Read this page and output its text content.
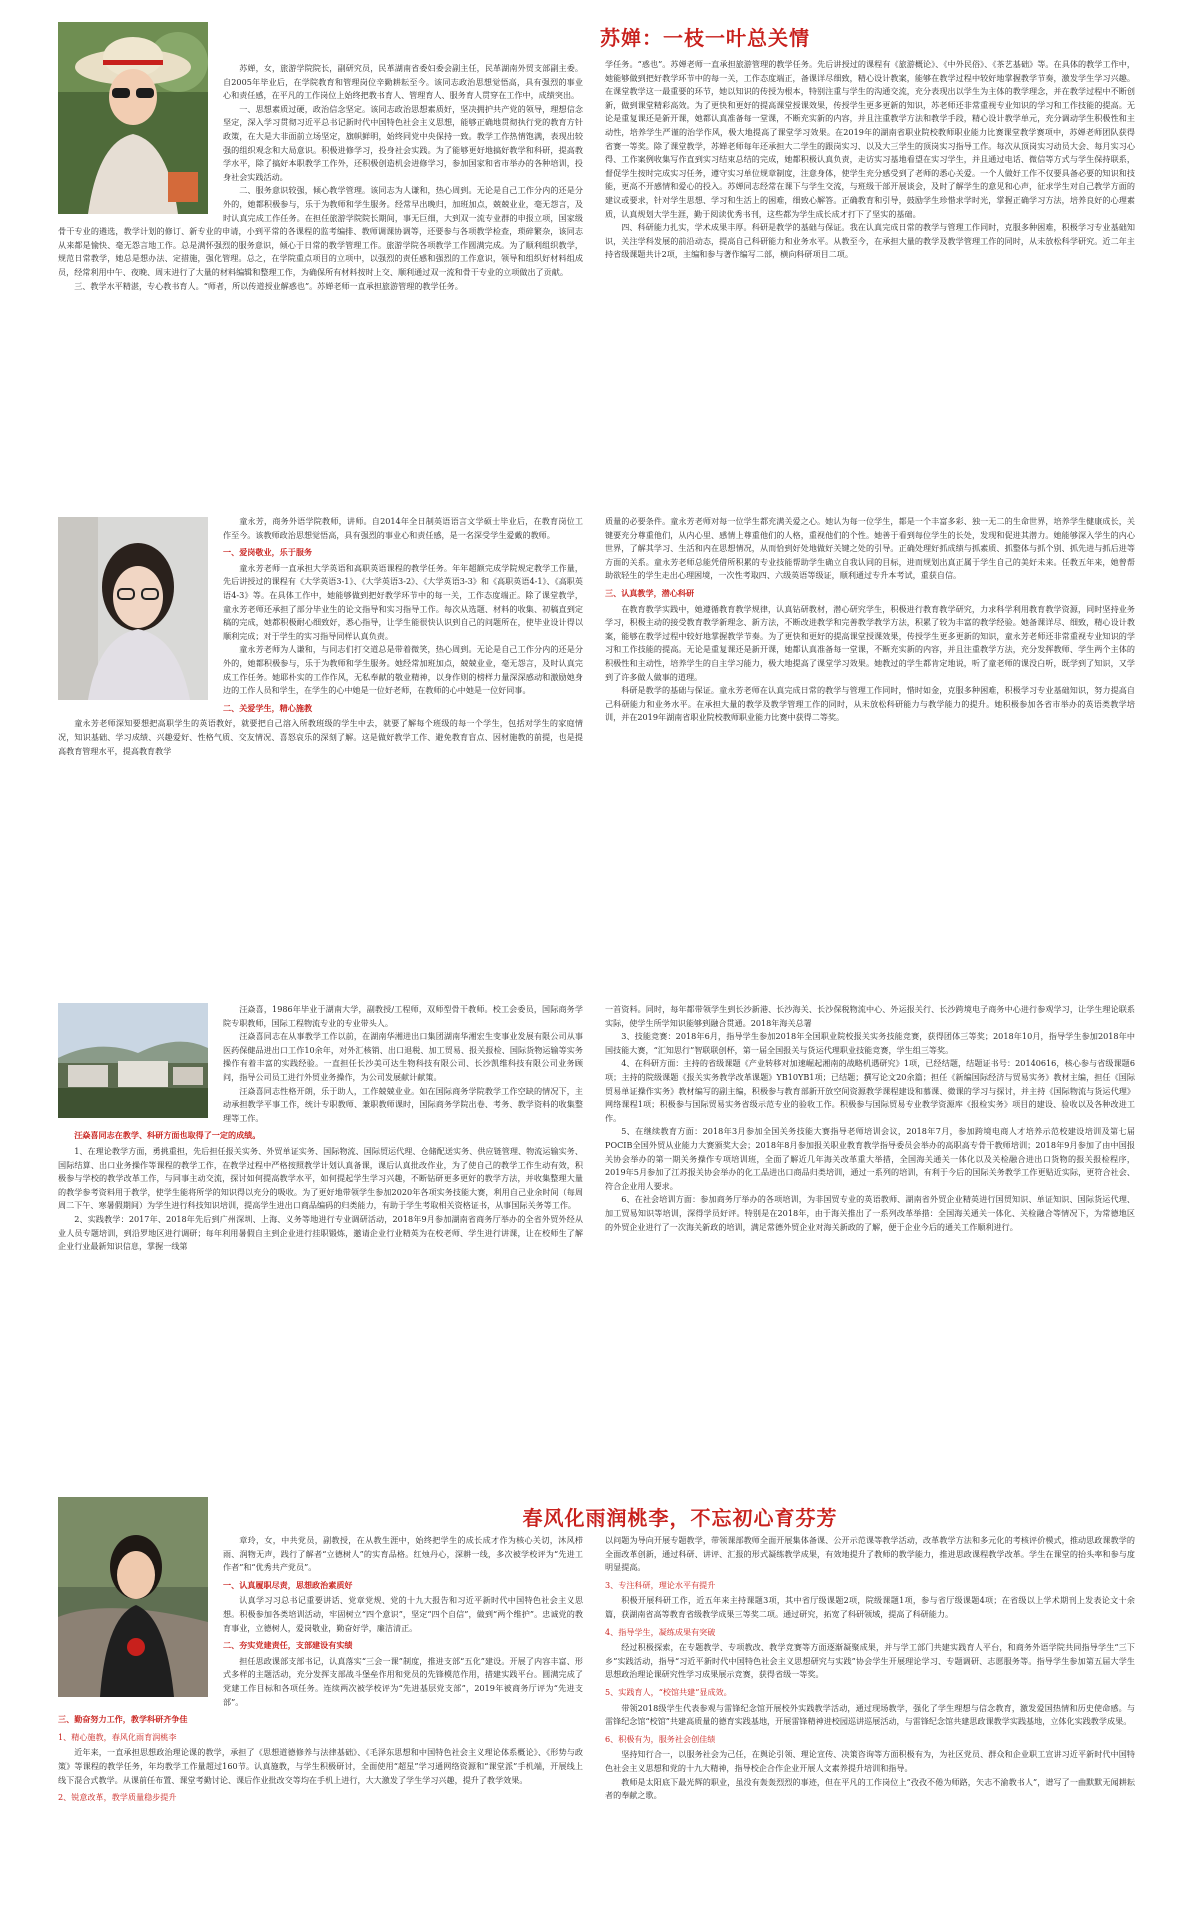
苏婵：一枝一叶总关情

苏婵，女，旅游学院院长，副研究员，民革湖南省委妇委会副主任，民革湖南外贸支部副主委。自2005年毕业后，在学院教育和管理岗位辛勤耕耘至今。该同志政治思想觉悟高，具有强烈的事业心和责任感，在平凡的工作岗位上始终把教书育人、管理育人、服务育人贯穿在工作中，成绩突出。

一、思想素质过硬，政治信念坚定。该同志政治思想素质好，坚决拥护共产党的领导，理想信念坚定，深入学习贯彻习近平总书记新时代中国特色社会主义思想，能够正确地贯彻执行党的教育方针政策，在大是大非面前立场坚定，旗帜鲜明，始终同党中央保持一致。教学工作热情饱满，表现出较强的组织观念和大局意识。积极进修学习，投身社会实践。为了能够更好地搞好教学和科研，提高教学水平，除了搞好本职教学工作外，还积极创造机会进修学习，参加国家和省市举办的各种培训，投身社会实践活动。

二、服务意识较强，倾心教学管理。该同志为人谦和，热心周到。无论是自己工作分内的还是分外的，她都积极参与，乐于为教师和学生服务。经常早出晚归，加班加点，兢兢业业，毫无怨言，及时认真完成工作任务。在担任旅游学院院长期间，事无巨细，大到双一流专业群的申报立项，国家级骨干专业的遴选，教学计划的修订、新专业的申请，小到平常的各课程的监考编排、教师调课协调等，还要参与各项教学检查，琐碎繁杂，该同志从来都是愉快、毫无怨言地工作。总是满怀强烈的服务意识，倾心于日常的教学管理工作。旅游学院各项教学工作圆满完成。为了顺利组织教学，规范日常教学，她总是想办法、定措施，强化管理。总之，在学院重点项目的立项中，以强烈的责任感和强烈的工作意识，领导和组织好材料组成员，经常利用中午、夜晚、周末进行了大量的材料编辑和整理工作，为确保所有材料按时上交、顺利通过双一流和骨干专业的立项做出了贡献。

三、教学水平精湛，专心教书育人。“师者，所以传道授业解惑也”。苏婵老师一直承担旅游管理的教学任务。

学任务。“惑也”。苏婵老师一直承担旅游管理的教学任务。先后讲授过的课程有《旅游概论》、《中外民俗》、《茶艺基础》等。在具体的教学工作中，她能够做到把好教学环节中的每一关，工作态度端正，备课详尽细致，精心设计教案，能够在教学过程中较好地掌握教学节奏，激发学生学习兴趣。在课堂教学这一最重要的环节，她以知识的传授为根本，特别注重与学生的沟通交流，充分表现出以学生为主体的教学理念，并在教学过程中不断创新，做到课堂精彩高效。为了更快和更好的提高课堂授课效果，传授学生更多更新的知识，苏老师还非常重视专业知识的学习和工作技能的提高。无论是重复课还是新开课，她都认真准备每一堂课，不断充实新的内容，并且注重教学方法和教学手段，精心设计教学单元，充分调动学生积极性和主动性，培养学生严谨的治学作风，极大地提高了课堂学习效果。在2019年的湖南省职业院校教师职业能力比赛课堂教学赛项中，苏婵老师团队获得省赛一等奖。除了课堂教学，苏婵老师每年还承担大二学生的跟岗实习、以及大三学生的顶岗实习指导工作。每次从顶岗实习动员大会、每月实习心得、工作案例收集写作直到实习结束总结的完成，她都积极认真负责，走访实习基地看望在实习学生，并且通过电话、微信等方式与学生保持联系，督促学生按时完成实习任务，遵守实习单位规章制度，注意身体，使学生充分感受到了老师的悉心关爱。一个人做好工作不仅要具备必要的知识和技能，更高不开感情和爱心的投入。苏婵同志经常在课下与学生交流，与班级干部开展谈会，及时了解学生的意见和心声，征求学生对自己教学方面的建议或要求，针对学生思想、学习和生活上的困难，细致心解答。正确教育和引导，鼓励学生珍惜求学时光，掌握正确学习方法，培养良好的心理素质，认真规划大学生涯，勤于阅读优秀书刊，这些都为学生成长成才打下了坚实的基础。

四、科研能力扎实，学术成果丰厚。科研是教学的基础与保证。我在认真完成日常的教学与管理工作同时，克服多种困难，积极学习专业基础知识，关注学科发展的前沿动态，提高自己科研能力和业务水平。从教至今，在承担大量的教学及教学管理工作的同时，从未放松科学研究。近二年主持省级课题共计2项，主编和参与著作编写二部，横向科研项目二项。

童永芳，商务外语学院教师，讲师。自2014年全日制英语语言文学硕士毕业后，在教育岗位工作至今。该教师政治思想觉悟高，具有强烈的事业心和责任感，是一名深受学生爱戴的教师。

一、爱岗敬业，乐于服务

童永芳老师一直承担大学英语和高职英语课程的教学任务。年年超额完成学院规定教学工作量，先后讲授过的课程有《大学英语3-1》、《大学英语3-2》、《大学英语3-3》和《高职英语4-1》、《高职英语4-3》等。在具体工作中，她能够做到把好教学环节中的每一关，工作态度端正。除了课堂教学，童永芳老师还承担了部分毕业生的论文指导和实习指导工作。每次从选题、材料的收集、初稿直到定稿的完成，她都积极耐心细致好，悉心指导，让学生能很快认识到自己的问题所在，使毕业设计得以顺利完成；对于学生的实习指导同样认真负责。

童永芳老师为人谦和，与同志们打交道总是带着微笑，热心周到。无论是自己工作分内的还是分外的，她都积极参与，乐于为教师和学生服务。她经常加班加点，兢兢业业，毫无怨言，及时认真完成工作任务。她耶朴实的工作作风，无私奉献的敬业精神，以身作则的榜样力量深深感动和激励她身边的工作人员和学生，在学生的心中她是一位好老师，在教师的心中她是一位好同事。

二、关爱学生，精心施教

童永芳老师深知要想把高职学生的英语教好，就要把自己溶入所教班级的学生中去，就要了解每个班级的每一个学生，包括对学生的家庭情况，知识基础、学习成绩、兴趣爱好、性格气质、交友情况、喜怒哀乐的深刻了解。这是做好教学工作、避免教育盲点、因材施教的前提，也是提高教育管理水平，提高教育教学

质量的必要条件。童永芳老师对每一位学生都充满关爱之心。她认为每一位学生，都是一个丰富多彩、独一无二的生命世界，培养学生健康成长，关键要充分尊重他们，从内心里、感情上尊重他们的人格，重视他们的个性。她善于看到每位学生的长处，发现和促进其潜力。她能够深入学生的内心世界，了解其学习、生活和内在思想情况，从而恰到好处地做好关键之处的引导。正确处理好抓成绩与抓素质、抓整体与抓个别、抓先进与抓后进等方面的关系。童永芳老师总能凭借所积累的专业技能帮助学生确立自我认同的目标，进而规划出真正属于学生自己的美好未来。任教五年来，她曾帮助欲轻生的学生走出心理困境，一次性考取四、六级英语等级证，顺利通过专升本考试，重获自信。

三、认真教学，潜心科研

在教育教学实践中，她遵循教育教学规律，认真钻研教材，潜心研究学生，积极进行教育教学研究，力求科学利用教育教学资源，同时坚持业务学习，积极主动的接受教育教学新理念、新方法，不断改进教学和完善教学教学方法，积累了较为丰富的教学经验。她备课详尽、细致，精心设计教案，能够在教学过程中较好地掌握教学节奏。为了更快和更好的提高课堂授课效果，传授学生更多更新的知识，童永芳老师还非常重视专业知识的学习和工作技能的提高。无论是重复课还是新开课，她都认真准备每一堂课，不断充实新的内容，并且注重教学方法，充分发挥教师、学生两个主体的积极性和主动性，培养学生的自主学习能力，极大地提高了课堂学习效果。她教过的学生都肯定地说，听了童老师的课没白听，既学到了知识，又学到了许多做人做事的道理。

科研是教学的基础与保证。童永芳老师在认真完成日常的教学与管理工作同时，惜时如金，克服多种困难，积极学习专业基础知识，努力提高自己科研能力和业务水平。在承担大量的教学及教学管理工作的同时，从未放松科研能力与教学能力的提升。她积极参加各省市举办的英语类教学培训，并在2019年湖南省职业院校教师职业能力比赛中获得二等奖。

汪焱喜，1986年毕业于湖南大学，副教授/工程师，双师型骨干教师。校工会委员，国际商务学院专职教师，国际工程物流专业的专业带头人。

汪焱喜同志在从事教学工作以前，在湖南华湘进出口集团湖南华湘宏生变事业发展有限公司从事医药保健品进出口工作10余年，对外汇核销、出口退税、加工贸易、报关报检、国际货物运输等实务操作有着丰富的实践经验。一直担任长沙美可达生物科技有限公司、长沙凯维科技有限公司业务顾问，指导公司员工进行外贸业务操作，为公司发展献计献策。

汪焱喜同志性格开朗，乐于助人，工作兢兢业业。如在国际商务学院教学工作空缺的情况下，主动承担教学平事工作，统计专职教师、兼职教师课时，国际商务学院出卷、考务、教学资料的收集整理等工作。

汪焱喜同志在教学、科研方面也取得了一定的成绩。

1、在理论教学方面，勇挑重担，先后担任报关实务、外贸单证实务、国际物流、国际贸运代理、仓储配送实务、供应链管理、物流运输实务、国际结算、出口业务操作等课程的教学工作，在教学过程中严格按照教学计划认真备课，课后认真批改作业，为了使自己的教学工作生动有效，积极参与学校的教学改革工作，与同事主动交流，探讨如何提高教学水平，如何提起学生学习兴趣，不断钻研更多更好的教学方法，并收集整理大量的教学参考资料用于教学，使学生能将所学的知识得以充分的吸收。为了更好地带领学生参加2020年各项实务技能大赛，利用自己业余时间（每周周二下午、寒暑假期间）为学生进行科技知识培训，提高学生进出口商品编码的归类能力，有助于学生考取相关资格证书，从事国际关务等工作。

2、实践教学：2017年、2018年先后到广州深圳、上海、义务等地进行专业调研活动，2018年9月参加湖南省商务厅举办的全省外贸外经从业人员专题培训，到沿罗地区进行调研；每年利用暑假自主到企业进行挂职锻炼，邀请企业行业精英为在校老师、学生进行讲课，让在校师生了解企业行业最新知识信息，掌握一线第

一首资料。同时，每年都带领学生到长沙新港、长沙海关、长沙保税物流中心、外运报关行、长沙跨境电子商务中心进行参观学习，让学生理论联系实际，使学生所学知识能够到融合贯通。2018年海关总署

3、技能竞赛：2018年6月，指导学生参加2018年全国职业院校报关实务技能竞赛，获得团体三等奖；2018年10月，指导学生参加2018年中国技能大赛，“汇知思行”智联联创杯，第一届全国报关与货运代理职业技能竞赛，学生组三等奖。

4、在科研方面：主持的省级课题《产业转移对加速崛起湘南的战略机遇研究》1项，已经结题，结题证书号：20140616，核心参与省级课题6项；主持的院级课题《报关实务教学改革课题》YB10YB1项；已结题；撰写论文20余篇；担任《新编国际经济与贸易实务》教材主编，担任《国际贸易单证操作实务》教材编写的副主编，积极参与教育部新开放空间资源教学课程建设和慕课、微课的学习与探讨，并主持《国际物流与货运代理》网络课程1项；积极参与国际贸易实务省级示范专业的验收工作。积极参与国际贸易专业教学资源库《报检实务》项目的建设、验收以及各种改进工作。

5、在继续教育方面：2018年3月参加全国关务技能大赛指导老师培训会议，2018年7月，参加跨境电商人才培养示范校建设培训及第七届POCIB全国外贸从业能力大赛颁奖大会；2018年8月参加报关职业教育教学指导委员会举办的高职高专骨干教师培训；2018年9月参加了由中国报关协会举办的第一期关务操作专项培训班，全面了解近几年海关改革重大举措，全国海关通关一体化以及关检融合进出口货物的报关报检程序，2019年5月参加了江苏报关协会举办的化工品进出口商品归类培训，通过一系列的培训，有利于今后的国际关务教学工作更贴近实际，更符合社会、符合企业用人要求。

6、在社会培训方面：参加商务厅举办的各项培训，为非国贸专业的英语教师、湖南省外贸企业精英进行国贸知识、单证知识、国际货运代理、加工贸易知识等培训，深得学员好评。特别是在2018年，由于海关推出了一系列改革举措：全国海关通关一体化、关检融合等情况下，为常德地区的外贸企业进行了一次海关新政的培训，满足常德外贸企业对海关新政的了解，便于企业今后的通关工作顺利进行。

春风化雨润桃李，不忘初心育芬芳

章玲，女，中共党员，副教授，在从教生涯中，始终把学生的成长成才作为核心关切，沐风栉雨、润物无声，践行了解者“立德树人”的实育品格。红烛丹心，深耕一线，多次被学校评为“先进工作者”和“优秀共产党员”。

一、认真履职尽责，思想政治素质好

认真学习习总书记重要讲话、党章党规、党的十九大报告和习近平新时代中国特色社会主义思想。积极参加各类培训活动，牢固树立“四个意识”，坚定“四个自信”，做到“两个维护”。忠诚党的教育事业，立德树人，爱岗敬业，勤奋好学，廉洁清正。

二、夯实党建责任，支部建设有实绩

担任思政课部支部书记，认真落实“三会一课”制度，推进支部“五化”建设。开展了内容丰富、形式多样的主题活动，充分发挥支部战斗堡垒作用和党员的先锋模范作用，措建实践平台。圆满完成了党建工作目标和各项任务。连续两次被学校评为“先进基层党支部”，2019年被商务厅评为“先进支部”。

三、勤奋努力工作，教学科研齐争佳

1、精心施教，春风化雨育润桃李

近年来，一直承担思想政治理论课的教学，承担了《思想道德修养与法律基础》、《毛泽东思想和中国特色社会主义理论体系概论》、《形势与政策》等课程的教学任务，年均教学工作量超过160节。认真施教，与学生积极研讨，全面使用“超星”学习通网络资源和“课堂派”手机端，开展线上线下混合式教学。从课前任布置、课堂考勤讨论、课后作业批改交等均在手机上进行，大大激发了学生学习兴趣，提升了教学效果。

2、锐意改革，教学质量稳步提升

以问题为导向开展专题教学，带领课部教师全面开展集体备课、公开示范课等教学活动，改革教学方法和多元化的考核评价模式，推动思政课教学的全面改革创新，通过科研、讲评、汇报的形式凝练教学成果，有效地提升了教师的教学能力，推进思政课程教学改革。学生在课堂的抬头率和参与度明显提高。

3、专注科研，理论水平有提升

积极开展科研工作，近五年来主持课题3项，其中省厅级课题2项，院级课题1项，参与省厅级课题4项；在省级以上学术期刊上发表论文十余篇，获湖南省高等教育省级教学成果三等奖二项。通过研究，拓宽了科研领域，提高了科研能力。

4、指导学生，凝练成果有突破

经过积极探索，在专题教学、专项教改、教学竞赛等方面逐渐凝聚成果，并与学工部门共建实践育人平台，和商务外语学院共同指导学生“三下乡”实践活动，指导“习近平新时代中国特色社会主义思想研究与实践”协会学生开展理论学习、专题调研、志愿服务等。指导学生参加第五届大学生思想政治理论课研究性学习成果展示竞赛，获得省级一等奖。

5、实践育人，“校馆共建”显成效。

带领2018级学生代表参观与雷锋纪念馆开展校外实践教学活动，通过现场教学，强化了学生理想与信念教育，激发爱国热情和历史使命感。与雷锋纪念馆“校馆”共建高质量的德育实践基地，开展雷锋精神进校园巡讲巡展活动，与雷锋纪念馆共建思政课教学实践基地，立体化实践教学成果。

6、积极有为，服务社会创佳绩

坚持知行合一，以服务社会为己任，在舆论引领、理论宣传、决策咨询等方面积极有为，为社区党员、群众和企业职工宣讲习近平新时代中国特色社会主义思想和党的十九大精神，指导校企合作企业开展人文素养提升培训和指导。

教师是太阳底下最光辉的职业，虽没有轰轰烈烈的事迹，但在平凡的工作岗位上“孜孜不倦为师路，矢志不渝教书人”，谱写了一曲默默无闻耕耘者的奉献之歌。
